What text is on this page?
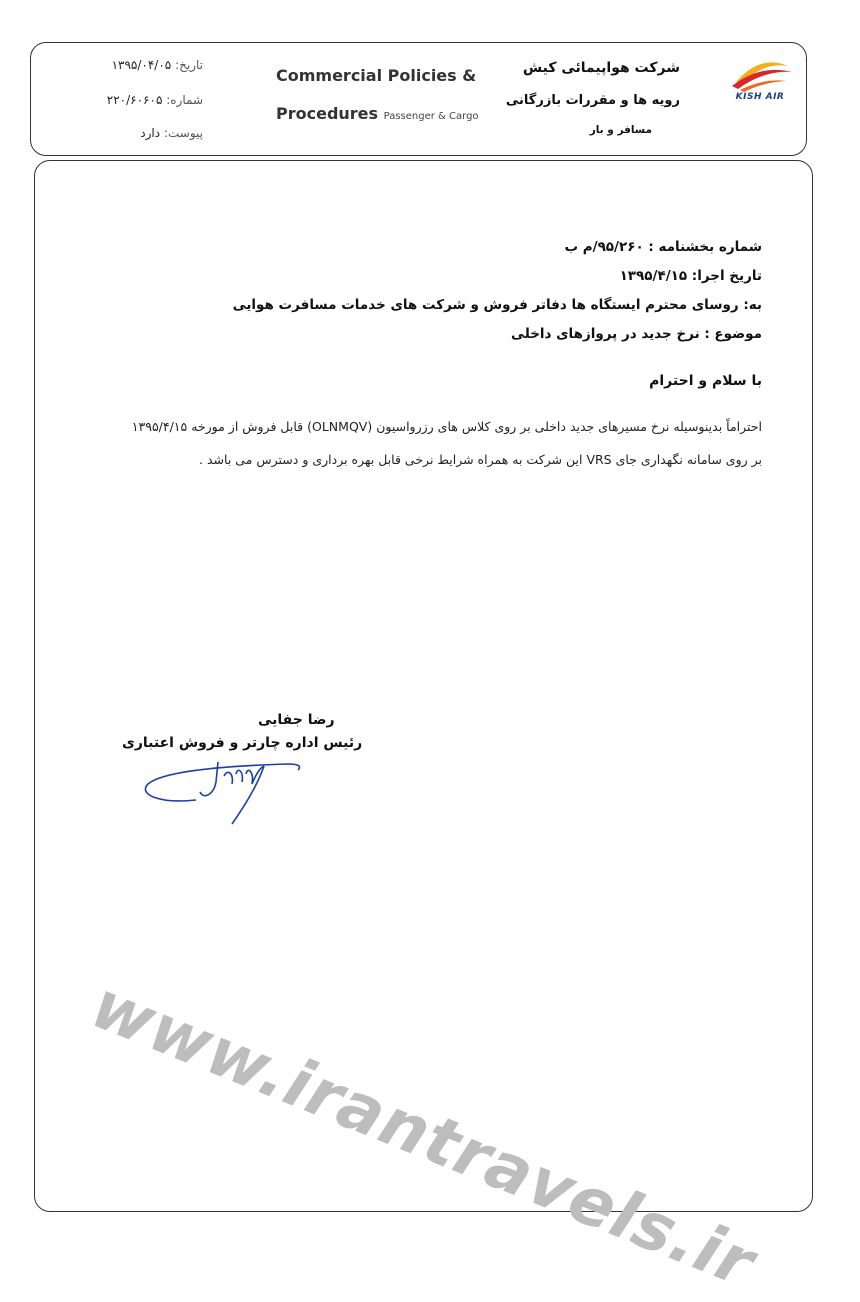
تاریخ: ۱۳۹۵/۰۴/۰۵
شماره: ۲۲۰/۶۰۶۰۵
پیوست: دارد
Commercial Policies &
Procedures Passenger & Cargo
شرکت هواپیمائی کیش
رویه ها و مقررات بازرگانی
مسافر و بار
KISH AIR
شماره بخشنامه : ۹۵/۲۶۰/م ب
تاریخ اجرا: ۱۳۹۵/۴/۱۵
به: روسای محترم ایستگاه ها دفاتر فروش و شرکت های خدمات مسافرت هوایی
موضوع : نرخ جدید در پروازهای داخلی
با سلام و احترام
احتراماً بدینوسیله نرخ مسیرهای جدید داخلی بر روی کلاس های رزرواسیون (OLNMQV) قابل فروش از مورخه ۱۳۹۵/۴/۱۵
بر روی سامانه نگهداری جای VRS این شرکت به همراه شرایط نرخی قابل بهره برداری و دسترس می باشد .
رضا جفایی
رئیس اداره چارتر و فروش اعتباری
www.irantravels.ir
